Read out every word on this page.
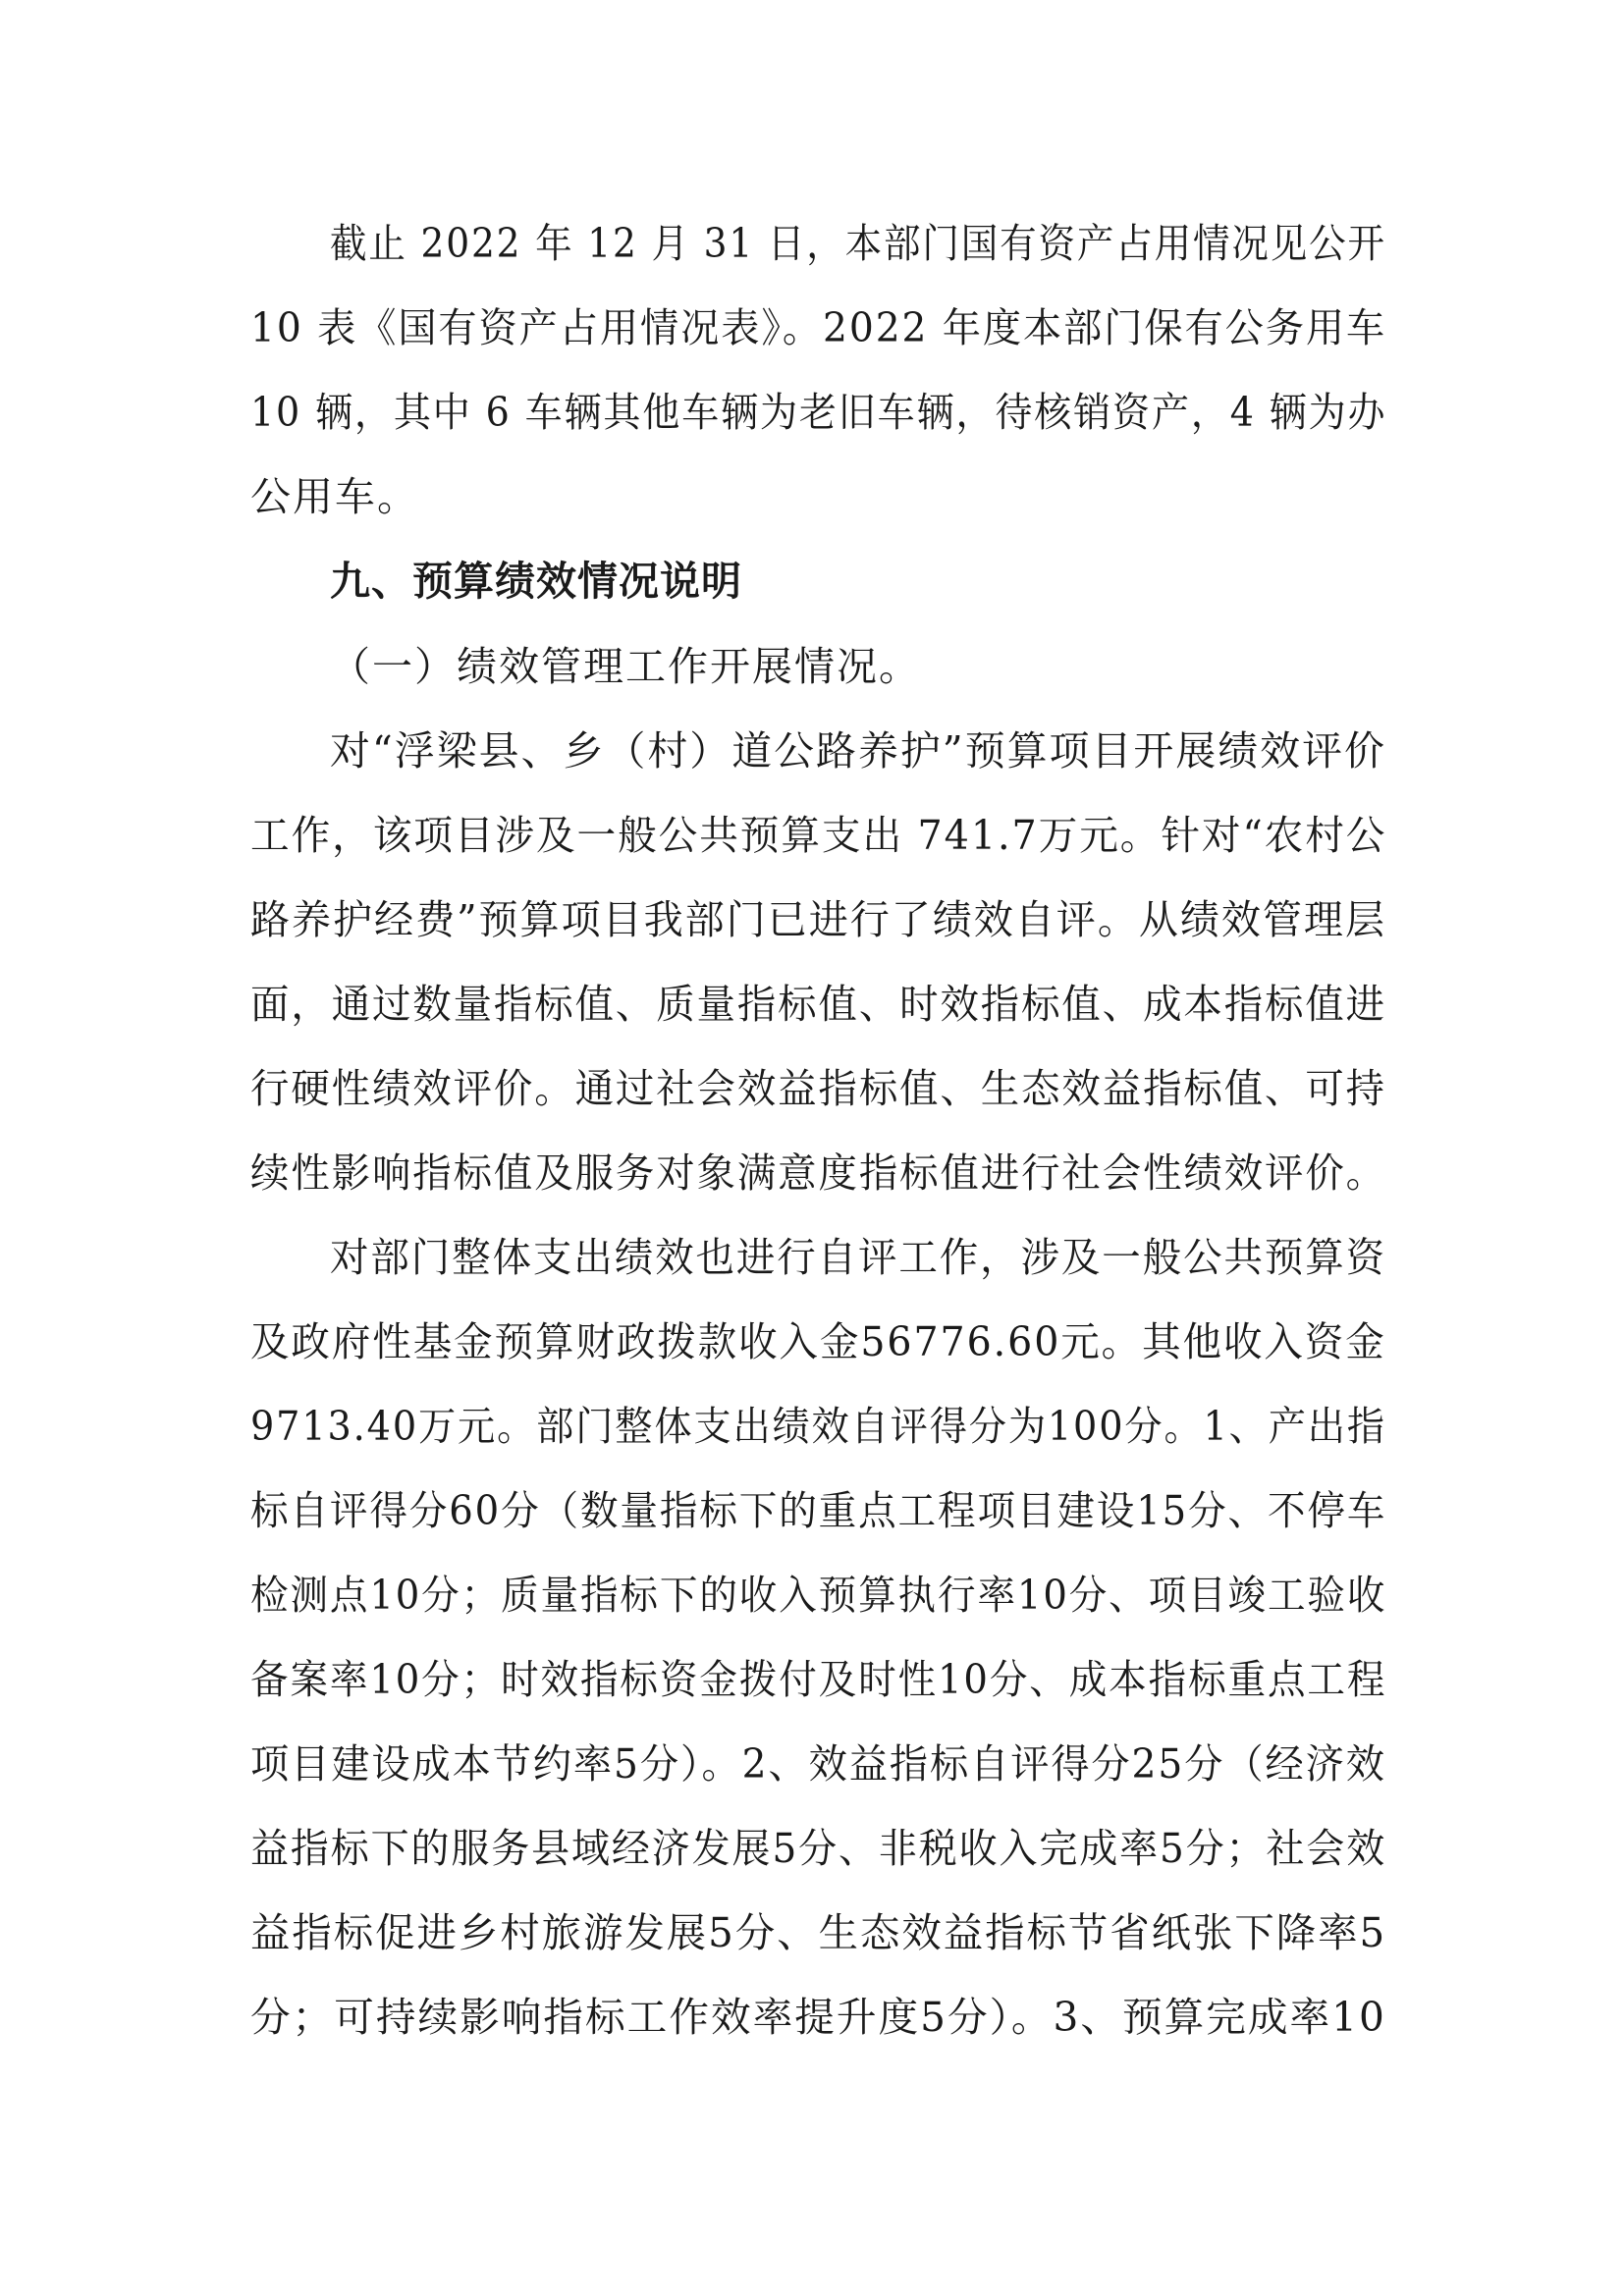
截止 2022 年 12 月 31 日，本部门国有资产占用情况见公开
10 表《国有资产占用情况表》。2022 年度本部门保有公务用车
10 辆，其中 6 车辆其他车辆为老旧车辆，待核销资产，4 辆为办
公用车。
九、预算绩效情况说明
（一）绩效管理工作开展情况。
对“浮梁县、乡（村）道公路养护”预算项目开展绩效评价
工作，该项目涉及一般公共预算支出 741.7万元。针对“农村公
路养护经费”预算项目我部门已进行了绩效自评。从绩效管理层
面，通过数量指标值、质量指标值、时效指标值、成本指标值进
行硬性绩效评价。通过社会效益指标值、生态效益指标值、可持
续性影响指标值及服务对象满意度指标值进行社会性绩效评价。
对部门整体支出绩效也进行自评工作，涉及一般公共预算资
及政府性基金预算财政拨款收入金56776.60元。其他收入资金
9713.40万元。部门整体支出绩效自评得分为100分。1、产出指
标自评得分60分（数量指标下的重点工程项目建设15分、不停车
检测点10分；质量指标下的收入预算执行率10分、项目竣工验收
备案率10分；时效指标资金拨付及时性10分、成本指标重点工程
项目建设成本节约率5分）。2、效益指标自评得分25分（经济效
益指标下的服务县域经济发展5分、非税收入完成率5分；社会效
益指标促进乡村旅游发展5分、生态效益指标节省纸张下降率5
分；可持续影响指标工作效率提升度5分）。3、预算完成率10
